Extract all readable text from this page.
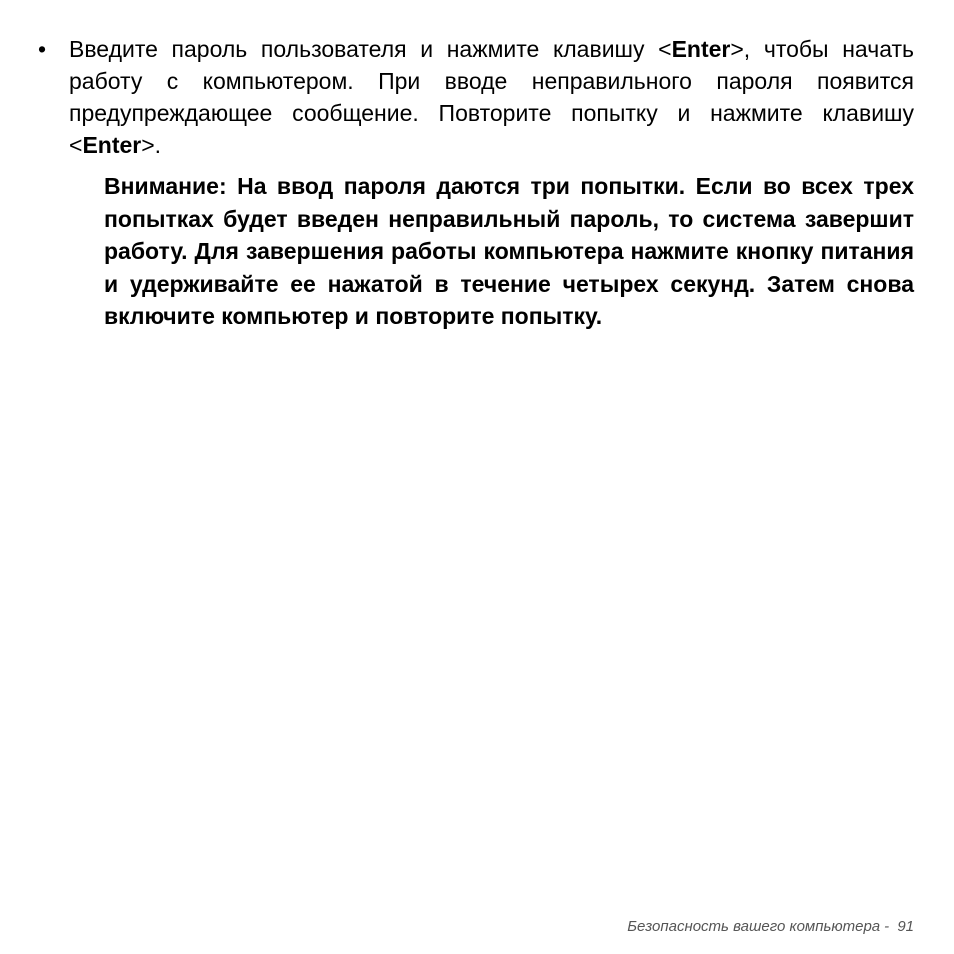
• Введите пароль пользователя и нажмите клавишу <Enter>, чтобы начать работу с компьютером. При вводе неправильного пароля появится предупреждающее сообщение. Повторите попытку и нажмите клавишу <Enter>.
Внимание: На ввод пароля даются три попытки. Если во всех трех попытках будет введен неправильный пароль, то система завершит работу. Для завершения работы компьютера нажмите кнопку питания и удерживайте ее нажатой в течение четырех секунд. Затем снова включите компьютер и повторите попытку.
Безопасность вашего компьютера - 91
